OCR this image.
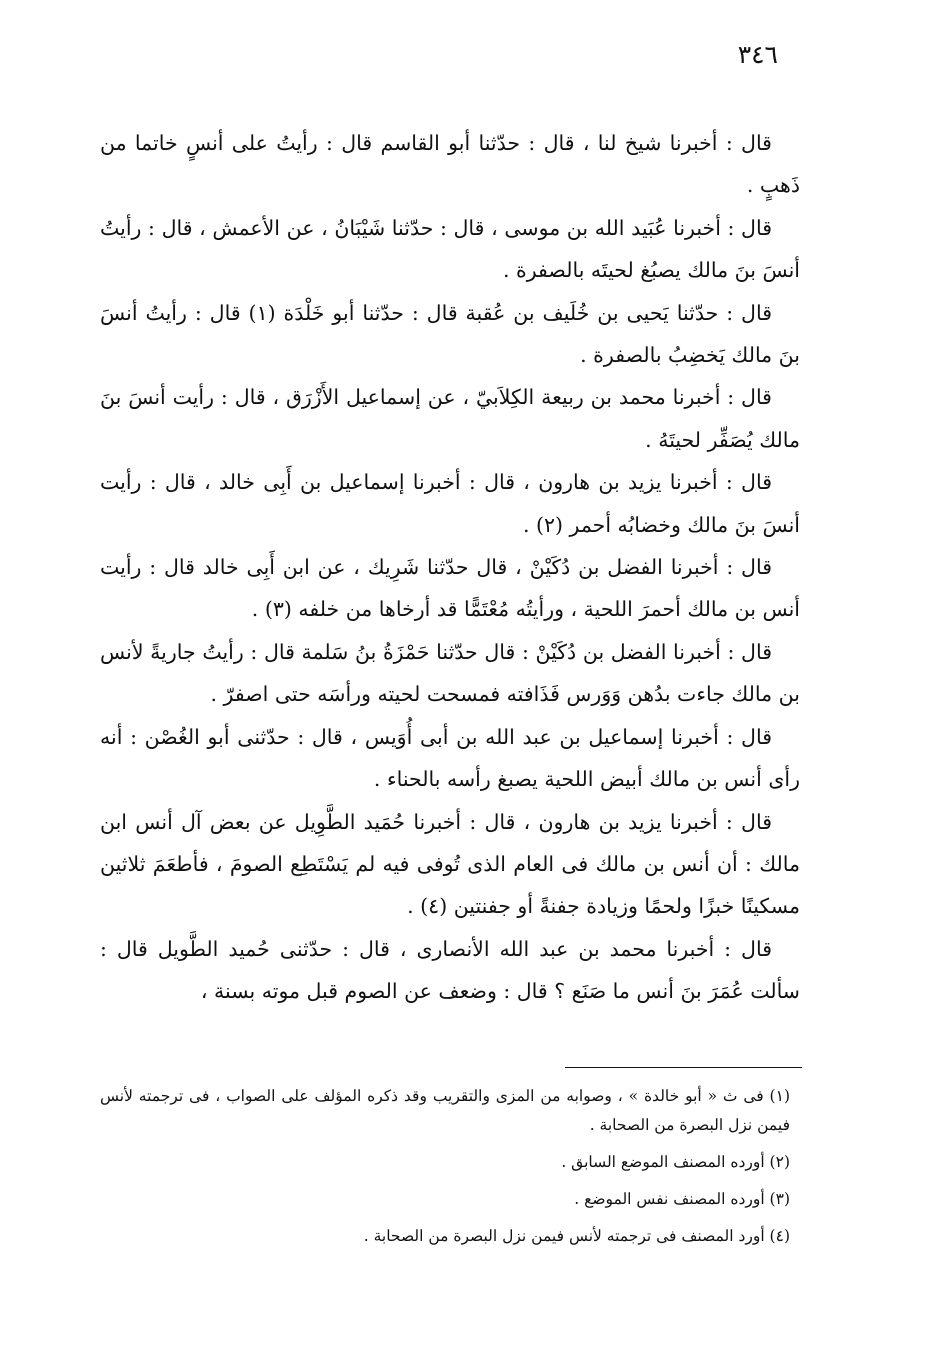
٣٤٦

قال : أخبرنا شيخ لنا ، قال : حدّثنا أبو القاسم قال : رأيتُ على أنسٍ خاتما من ذَهبٍ .

قال : أخبرنا عُبَيد الله بن موسى ، قال : حدّثنا شَيْبَانُ ، عن الأعمش ، قال : رأيتُ أنسَ بنَ مالك يصبُغ لحيتَه بالصفرة .

قال : حدّثنا يَحيى بن خُلَيف بن عُقبة قال : حدّثنا أبو خَلْدَة (١) قال : رأيتُ أنسَ بنَ مالك يَخضِبُ بالصفرة .

قال : أخبرنا محمد بن ربيعة الكِلاَبيّ ، عن إسماعيل الأَزْرَق ، قال : رأيت أنسَ بنَ مالك يُصَفِّر لحيتَهُ .

قال : أخبرنا يزيد بن هارون ، قال : أخبرنا إسماعيل بن أَبِى خالد ، قال : رأيت أنسَ بنَ مالك وخضابُه أحمر (٢) .

قال : أخبرنا الفضل بن دُكَيْنْ ، قال حدّثنا شَرِيك ، عن ابن أَبِى خالد قال : رأيت أنس بن مالك أحمرَ اللحية ، ورأيتُه مُعْتَمًّا قد أرخاها من خلفه (٣) .

قال : أخبرنا الفضل بن دُكَيْنْ : قال حدّثنا حَمْزَةُ بنُ سَلمة قال : رأيتُ جاريةً لأنس بن مالك جاءت بدُهن وَوَرس فَذَافته فمسحت لحيته ورأسَه حتى اصفرّ .

قال : أخبرنا إسماعيل بن عبد الله بن أبى أُوَيس ، قال : حدّثنى أبو الغُصْن : أنه رأى أنس بن مالك أبيض اللحية يصبغ رأسه بالحناء .

قال : أخبرنا يزيد بن هارون ، قال : أخبرنا حُمَيد الطَّوِيل عن بعض آل أنس ابن مالك : أن أنس بن مالك فى العام الذى تُوفى فيه لم يَسْتَطِع الصومَ ، فأطعَمَ ثلاثين مسكينًا خبزًا ولحمًا وزيادة جفنةً أو جفنتين (٤) .

قال : أخبرنا محمد بن عبد الله الأنصارى ، قال : حدّثنى حُميد الطَّويل قال : سألت عُمَرَ بنَ أنس ما صَنَع ؟ قال : وضعف عن الصوم قبل موته بسنة ،

(١) فى ث « أبو خالدة » ، وصوابه من المزى والتقريب وقد ذكره المؤلف على الصواب ، فى ترجمته لأنس فيمن نزل البصرة من الصحابة .

(٢) أورده المصنف الموضع السابق .

(٣) أورده المصنف نفس الموضع .

(٤) أورد المصنف فى ترجمته لأنس فيمن نزل البصرة من الصحابة .
